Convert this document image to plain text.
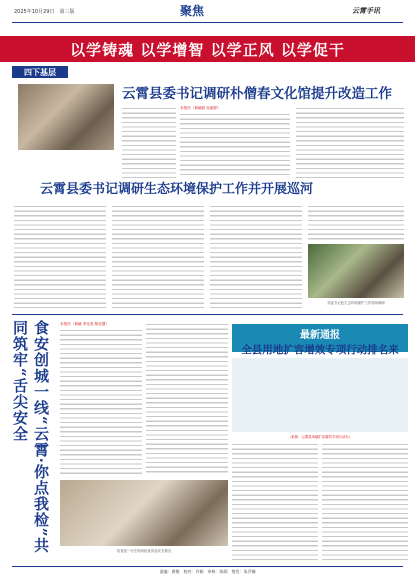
2025年10月29日　第三版	聚焦	云霄手讯
以学铸魂 以学增智 以学正风 以学促干
四下基层
云霄县委书记调研朴僧春文化馆提升改造工作
本报讯（黄晓群 吴丽婷）
云霄县委书记调研生态环境保护工作并开展巡河
县委书记赴生态环境保护工作现场调研
食安创城一线“云霄·你点我检”共同筑牢“舌尖安全	本报讯（黄晓 李光美 陈佳慧）
检查组一行在现场检查食品安全情况
最新通报
全县用地扩容增效专项行动排名来
（来源：云霄县用地扩容增效专项行动办）
责编：黄敏　校对：许娟　审核：陈炳　签发：朱乔楠
